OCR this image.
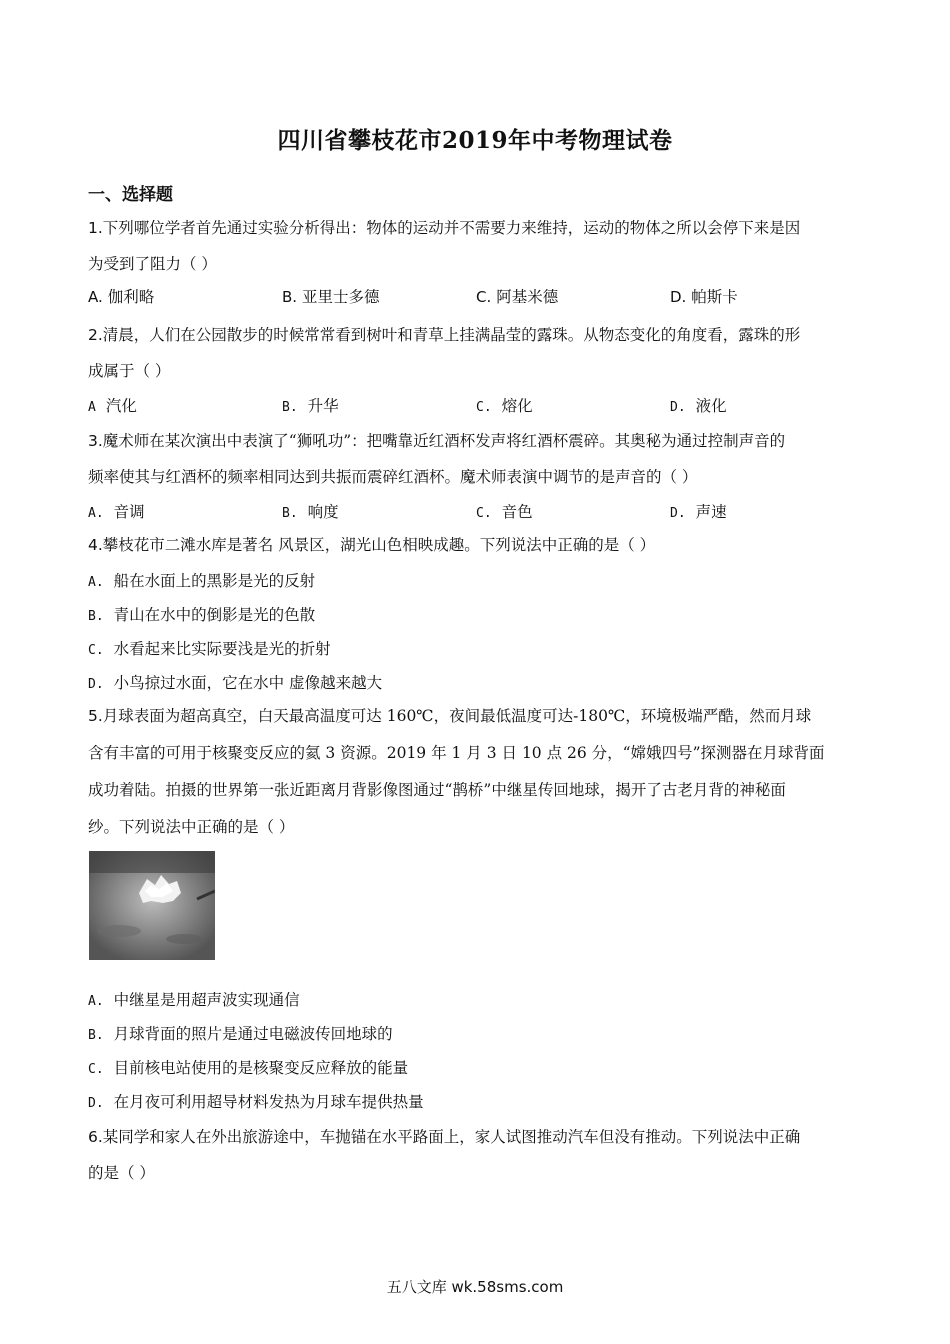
四川省攀枝花市2019年中考物理试卷
一、选择题
1.下列哪位学者首先通过实验分析得出：物体的运动并不需要力来维持，运动的物体之所以会停下来是因
为受到了阻力（ ）
A. 伽利略	B. 亚里士多德	C. 阿基米德	D. 帕斯卡
2.清晨，人们在公园散步的时候常常看到树叶和青草上挂满晶莹的露珠。从物态变化的角度看，露珠的形
成属于（ ）
A 汽化	B. 升华	C. 熔化	D. 液化
3.魔术师在某次演出中表演了“狮吼功”：把嘴靠近红酒杯发声将红酒杯震碎。其奥秘为通过控制声音的
频率使其与红酒杯的频率相同达到共振而震碎红酒杯。魔术师表演中调节的是声音的（ ）
A. 音调	B. 响度	C. 音色	D. 声速
4.攀枝花市二滩水库是著名 风景区，湖光山色相映成趣。下列说法中正确的是（ ）
A. 船在水面上的黑影是光的反射
B. 青山在水中的倒影是光的色散
C. 水看起来比实际要浅是光的折射
D. 小鸟掠过水面，它在水中 虚像越来越大
5.月球表面为超高真空，白天最高温度可达 160℃，夜间最低温度可达-180℃，环境极端严酷，然而月球
含有丰富的可用于核聚变反应的氦 3 资源。2019 年 1 月 3 日 10 点 26 分，“嫦娥四号”探测器在月球背面
成功着陆。拍摄的世界第一张近距离月背影像图通过“鹊桥”中继星传回地球，揭开了古老月背的神秘面
纱。下列说法中正确的是（ ）
A. 中继星是用超声波实现通信
B. 月球背面的照片是通过电磁波传回地球的
C. 目前核电站使用的是核聚变反应释放的能量
D. 在月夜可利用超导材料发热为月球车提供热量
6.某同学和家人在外出旅游途中，车抛锚在水平路面上，家人试图推动汽车但没有推动。下列说法中正确
的是（ ）
五八文库 wk.58sms.com
